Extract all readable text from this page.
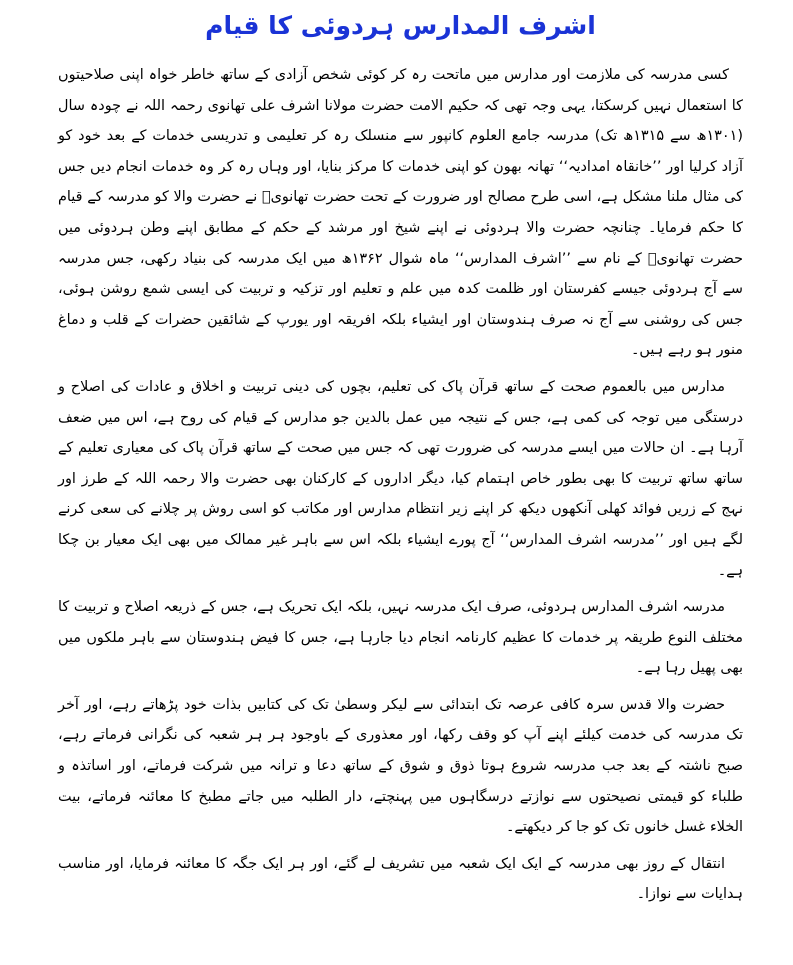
اشرف المدارس ہردوئی کا قیام

کسی مدرسہ کی ملازمت اور مدارس میں ماتحت رہ کر کوئی شخص آزادی کے ساتھ خاطر خواہ اپنی صلاحیتوں کا استعمال نہیں کرسکتا، یہی وجہ تھی کہ حکیم الامت حضرت مولانا اشرف علی تھانوی رحمہ اللہ نے چودہ سال (۱۳۰۱ھ سے ۱۳۱۵ھ تک) مدرسہ جامع العلوم کانپور سے منسلک رہ کر تعلیمی و تدریسی خدمات کے بعد خود کو آزاد کرلیا اور ’’خانقاہ امدادیہ‘‘ تھانہ بھون کو اپنی خدمات کا مرکز بنایا، اور وہاں رہ کر وہ خدمات انجام دیں جس کی مثال ملنا مشکل ہے، اسی طرح مصالح اور ضرورت کے تحت حضرت تھانویؒ نے حضرت والا کو مدرسہ کے قیام کا حکم فرمایا۔ چنانچہ حضرت والا ہردوئی نے اپنے شیخ اور مرشد کے حکم کے مطابق اپنے وطن ہردوئی میں حضرت تھانویؒ کے نام سے ’’اشرف المدارس‘‘ ماہ شوال ۱۳۶۲ھ میں ایک مدرسہ کی بنیاد رکھی، جس مدرسہ سے آج ہردوئی جیسے کفرستان اور ظلمت کدہ میں علم و تعلیم اور تزکیہ و تربیت کی ایسی شمع روشن ہوئی، جس کی روشنی سے آج نہ صرف ہندوستان اور ایشیاء بلکہ افریقہ اور یورپ کے شائقین حضرات کے قلب و دماغ منور ہو رہے ہیں۔

مدارس میں بالعموم صحت کے ساتھ قرآن پاک کی تعلیم، بچوں کی دینی تربیت و اخلاق و عادات کی اصلاح و درستگی میں توجہ کی کمی ہے، جس کے نتیجہ میں عمل بالدین جو مدارس کے قیام کی روح ہے، اس میں ضعف آرہا ہے۔ ان حالات میں ایسے مدرسہ کی ضرورت تھی کہ جس میں صحت کے ساتھ قرآن پاک کی معیاری تعلیم کے ساتھ ساتھ تربیت کا بھی بطور خاص اہتمام کیا، دیگر اداروں کے کارکنان بھی حضرت والا رحمہ اللہ کے طرز اور نہج کے زریں فوائد کھلی آنکھوں دیکھ کر اپنے زیر انتظام مدارس اور مکاتب کو اسی روش پر چلانے کی سعی کرنے لگے ہیں اور ’’مدرسہ اشرف المدارس‘‘ آج پورے ایشیاء بلکہ اس سے باہر غیر ممالک میں بھی ایک معیار بن چکا ہے۔

مدرسہ اشرف المدارس ہردوئی، صرف ایک مدرسہ نہیں، بلکہ ایک تحریک ہے، جس کے ذریعہ اصلاح و تربیت کا مختلف النوع طریقہ پر خدمات کا عظیم کارنامہ انجام دیا جارہا ہے، جس کا فیض ہندوستان سے باہر ملکوں میں بھی پھیل رہا ہے۔

حضرت والا قدس سرہ کافی عرصہ تک ابتدائی سے لیکر وسطیٰ تک کی کتابیں بذات خود پڑھاتے رہے، اور آخر تک مدرسہ کی خدمت کیلئے اپنے آپ کو وقف رکھا، اور معذوری کے باوجود ہر ہر شعبہ کی نگرانی فرماتے رہے، صبح ناشتہ کے بعد جب مدرسہ شروع ہوتا ذوق و شوق کے ساتھ دعا و ترانہ میں شرکت فرماتے، اور اساتذہ و طلباء کو قیمتی نصیحتوں سے نوازتے درسگاہوں میں پہنچتے، دار الطلبہ میں جاتے مطبخ کا معائنہ فرماتے، بیت الخلاء غسل خانوں تک کو جا کر دیکھتے۔

انتقال کے روز بھی مدرسہ کے ایک ایک شعبہ میں تشریف لے گئے، اور ہر ایک جگہ کا معائنہ فرمایا، اور مناسب ہدایات سے نوازا۔
